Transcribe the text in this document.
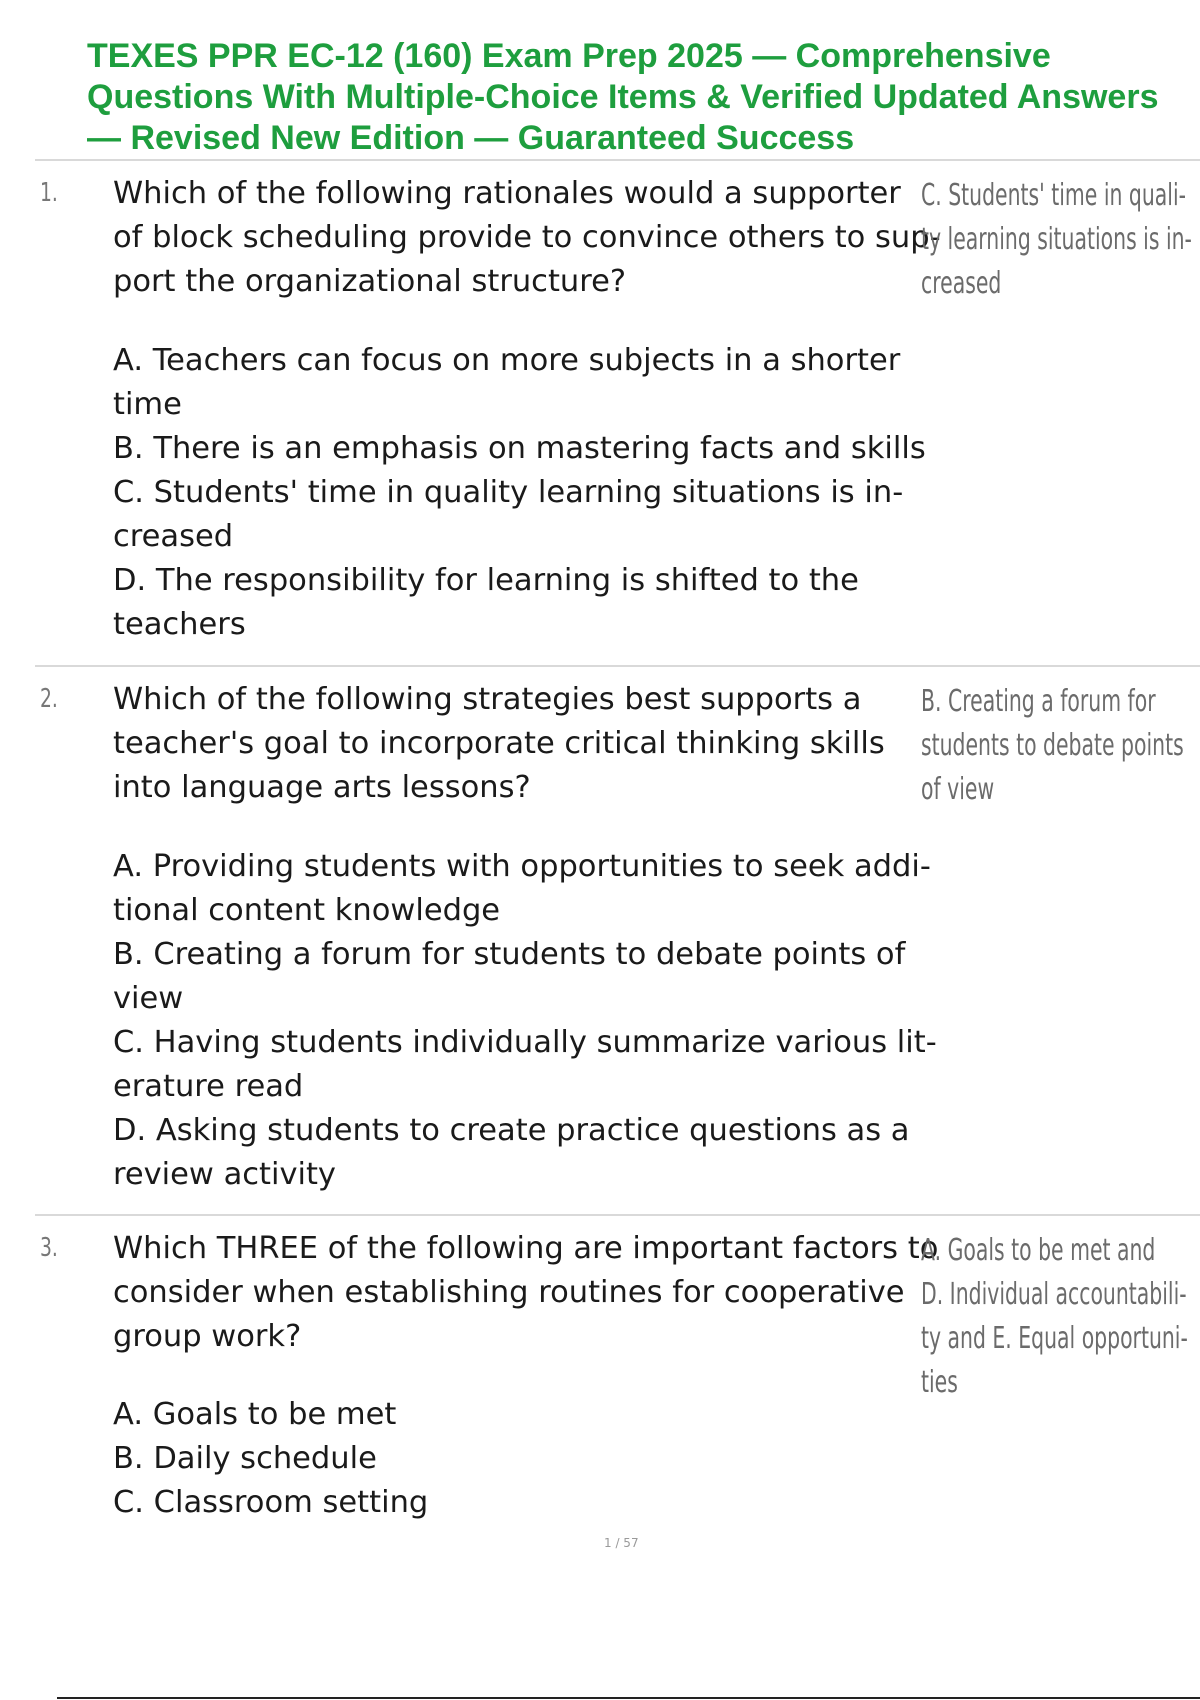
TEXES PPR EC-12 (160) Exam Prep 2025 — Comprehensive
Questions With Multiple-Choice Items & Verified Updated Answers
— Revised New Edition — Guaranteed Success
1. Which of the following rationales would a supporter
of block scheduling provide to convince others to sup-
port the organizational structure?
C. Students' time in quali-
ty learning situations is in-
creased
A. Teachers can focus on more subjects in a shorter
time
B. There is an emphasis on mastering facts and skills
C. Students' time in quality learning situations is in-
creased
D. The responsibility for learning is shifted to the
teachers
2. Which of the following strategies best supports a
teacher's goal to incorporate critical thinking skills
into language arts lessons?
B. Creating a forum for
students to debate points
of view
A. Providing students with opportunities to seek addi-
tional content knowledge
B. Creating a forum for students to debate points of
view
C. Having students individually summarize various lit-
erature read
D. Asking students to create practice questions as a
review activity
3. Which THREE of the following are important factors to
consider when establishing routines for cooperative
group work?
A. Goals to be met and
D. Individual accountabili-
ty and E. Equal opportuni-
ties
A. Goals to be met
B. Daily schedule
C. Classroom setting
1 / 57
